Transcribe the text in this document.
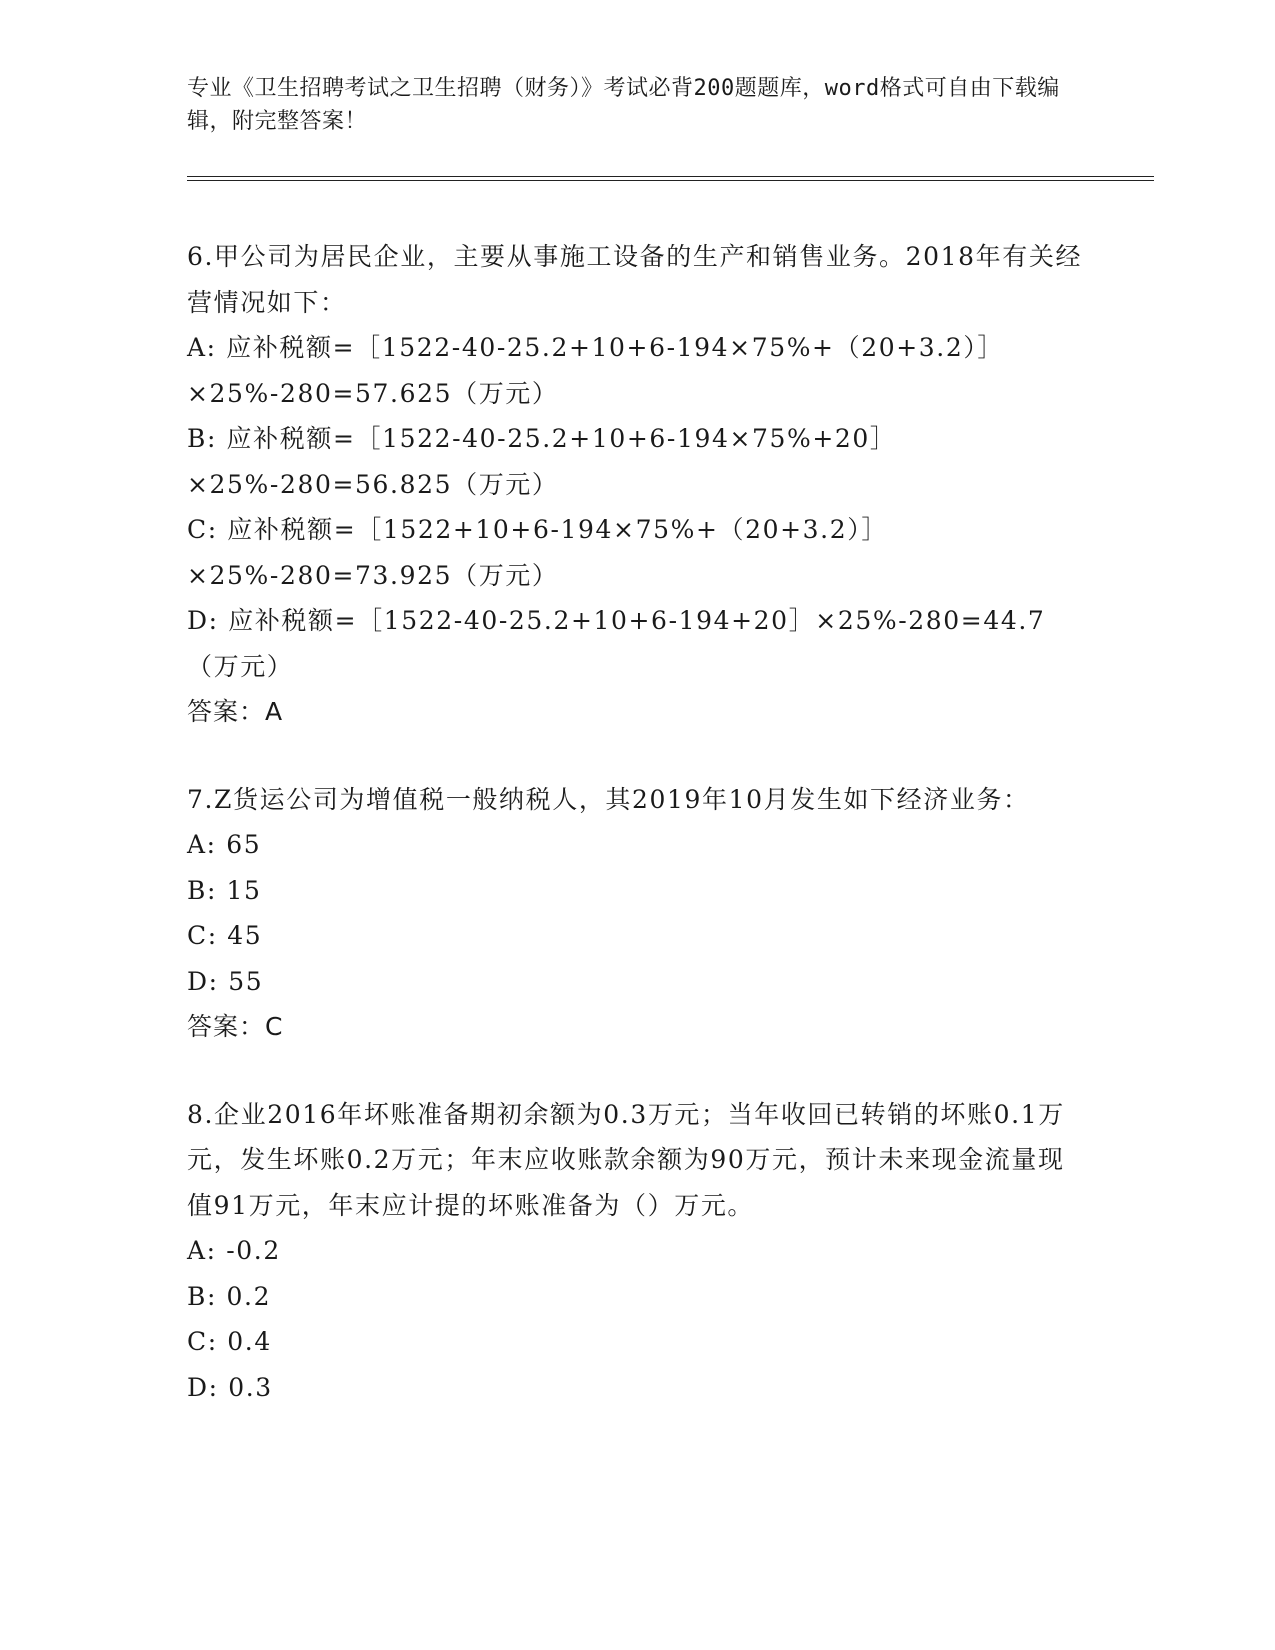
专业《卫生招聘考试之卫生招聘（财务）》考试必背200题题库，word格式可自由下载编辑，附完整答案！

6.甲公司为居民企业，主要从事施工设备的生产和销售业务。2018年有关经营情况如下：

A: 应补税额=［1522-40-25.2+10+6-194×75%+（20+3.2）］×25%-280=57.625（万元）

B: 应补税额=［1522-40-25.2+10+6-194×75%+20］×25%-280=56.825（万元）

C: 应补税额=［1522+10+6-194×75%+（20+3.2）］×25%-280=73.925（万元）

D: 应补税额=［1522-40-25.2+10+6-194+20］×25%-280=44.7（万元）

答案：A

7.Z货运公司为增值税一般纳税人，其2019年10月发生如下经济业务：

A: 65

B: 15

C: 45

D: 55

答案：C

8.企业2016年坏账准备期初余额为0.3万元；当年收回已转销的坏账0.1万元，发生坏账0.2万元；年末应收账款余额为90万元，预计未来现金流量现值91万元，年末应计提的坏账准备为（）万元。

A: -0.2

B: 0.2

C: 0.4

D: 0.3
